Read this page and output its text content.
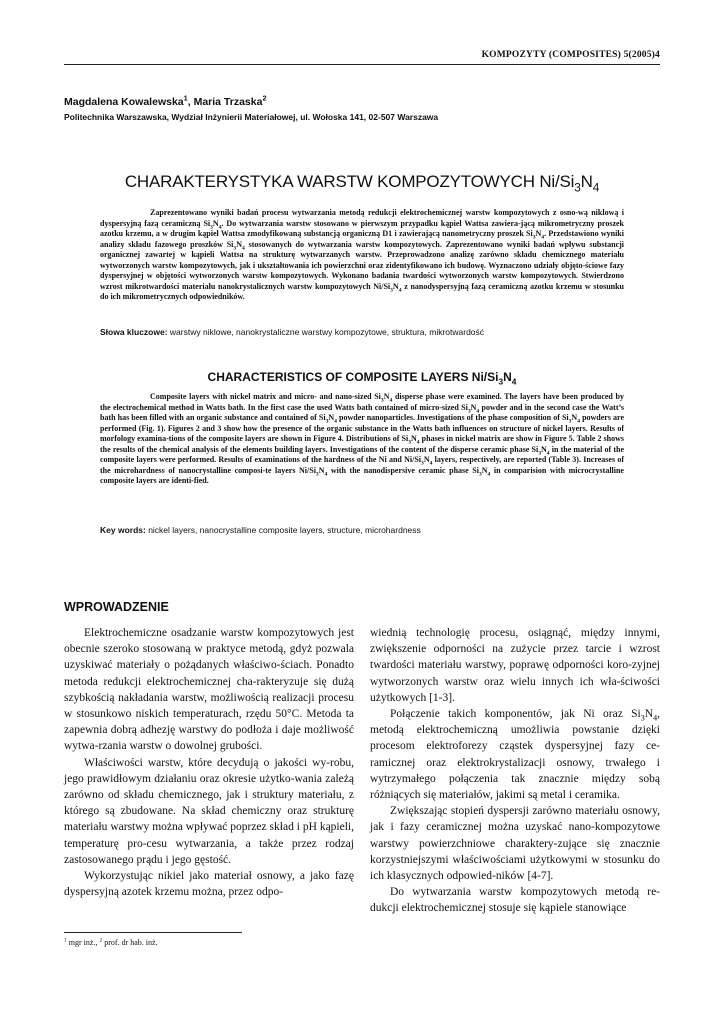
KOMPOZYTY (COMPOSITES) 5(2005)4
Magdalena Kowalewska$^1$, Maria Trzaska$^2$
Politechnika Warszawska, Wydział Inżynierii Materiałowej, ul. Wołoska 141, 02-507 Warszawa
CHARAKTERYSTYKA WARSTW KOMPOZYTOWYCH $Ni/Si_3N_4$

Zaprezentowano wyniki badań procesu wytwarzania metodą redukcji elektrochemicznej warstw kompozytowych z osno-wą niklową i dyspersyjną fazą ceramiczną $Si_3N_4$. Do wytwarzania warstw stosowano w pierwszym przypadku kąpiel Wattsa zawiera-jącą mikrometryczny proszek azotku krzemu, a w drugim kąpiel Wattsa zmodyfikowaną substancją organiczną D1 i zawierającą nanometryczny proszek $Si_3N_4$. Przedstawiono wyniki analizy składu fazowego proszków $Si_3N_4$ stosowanych do wytwarzania warstw kompozytowych. Zaprezentowano wyniki badań wpływu substancji organicznej zawartej w kąpieli Wattsa na strukturę wytwarzanych warstw. Przeprowadzono analizę zarówno składu chemicznego materiału wytworzonych warstw kompozytowych, jak i ukształtowania ich powierzchni oraz zidentyfikowano ich budowę. Wyznaczono udziały objęto-ściowe fazy dyspersyjnej w objętości wytworzonych warstw kompozytowych. Wykonano badania twardości wytworzonych warstw kompozytowych. Stwierdzono wzrost mikrotwardości materiału nanokrystalicznych warstw kompozytowych $Ni/Si_3N_4$ z nanodyspersyjną fazą ceramiczną azotku krzemu w stosunku do ich mikrometrycznych odpowiedników.

Słowa kluczowe: warstwy niklowe, nanokrystaliczne warstwy kompozytowe, struktura, mikrotwardość
CHARACTERISTICS OF COMPOSITE LAYERS $Ni/Si_3N_4$

Composite layers with nickel matrix and micro- and nano-sized $Si_3N_4$ disperse phase were examined. The layers have been produced by the electrochemical method in Watts bath. In the first case the used Watts bath contained of micro-sized $Si_3N_4$ powder and in the second case the Watt’s bath has been filled with an organic substance and contained of $Si_3N_4$ powder nanoparticles. Investigations of the phase composition of $Si_3N_4$ powders are performed (Fig. 1). Figures 2 and 3 show how the presence of the organic substance in the Watts bath influences on structure of nickel layers. Results of morfology examina-tions of the composite layers are shown in Figure 4. Distributions of $Si_3N_4$ phases in nickel matrix are show in Figure 5. Table 2 shows the results of the chemical analysis of the elements building layers. Investigations of the content of the disperse ceramic phase $Si_3N_4$ in the material of the composite layers were performed. Results of examinations of the hardness of the Ni and $Ni/Si_3N_4$ layers, respectively, are reported (Table 3). Increases of the microhardness of nanocrystalline composi-te layers $Ni/Si_3N_4$ with the nanodispersive ceramic phase $Si_3N_4$ in comparision with microcrystalline composite layers are identi-fied.

Key words: nickel layers, nanocrystalline composite layers, structure, microhardness
WPROWADZENIE

Elektrochemiczne osadzanie warstw kompozytowych jest obecnie szeroko stosowaną w praktyce metodą, gdyż pozwala uzyskiwać materiały o pożądanych właściwo-ściach. Ponadto metoda redukcji elektrochemicznej cha-rakteryzuje się dużą szybkością nakładania warstw, możliwością realizacji procesu w stosunkowo niskich temperaturach, rzędu 50°C. Metoda ta zapewnia dobrą adhezję warstwy do podłoża i daje możliwość wytwa-rzania warstw o dowolnej grubości.

Właściwości warstw, które decydują o jakości wy-robu, jego prawidłowym działaniu oraz okresie użytko-wania zależą zarówno od składu chemicznego, jak i struktury materiału, z którego są zbudowane. Na skład chemiczny oraz strukturę materiału warstwy można wpływać poprzez skład i pH kąpieli, temperaturę pro-cesu wytwarzania, a także przez rodzaj zastosowanego prądu i jego gęstość.

Wykorzystując nikiel jako materiał osnowy, a jako fazę dyspersyjną azotek krzemu można, przez odpo-

wiednią technologię procesu, osiągnąć, między innymi, zwiększenie odporności na zużycie przez tarcie i wzrost twardości materiału warstwy, poprawę odporności koro-zyjnej wytworzonych warstw oraz wielu innych ich wła-ściwości użytkowych [1-3].

Połączenie takich komponentów, jak Ni oraz $Si_3N_4$, metodą elektrochemiczną umożliwia powstanie dzięki procesom elektroforezy cząstek dyspersyjnej fazy ce-ramicznej oraz elektrokrystalizacji osnowy, trwałego i wytrzymałego połączenia tak znacznie między sobą różniących się materiałów, jakimi są metal i ceramika.

Zwiększając stopień dyspersji zarówno materiału osnowy, jak i fazy ceramicznej można uzyskać nano-kompozytowe warstwy powierzchniowe charaktery-zujące się znacznie korzystniejszymi właściwościami użytkowymi w stosunku do ich klasycznych odpowied-ników [4-7].

Do wytwarzania warstw kompozytowych metodą re-dukcji elektrochemicznej stosuje się kąpiele stanowiące

$^1$ mgr inż., $^2$ prof. dr hab. inż.
